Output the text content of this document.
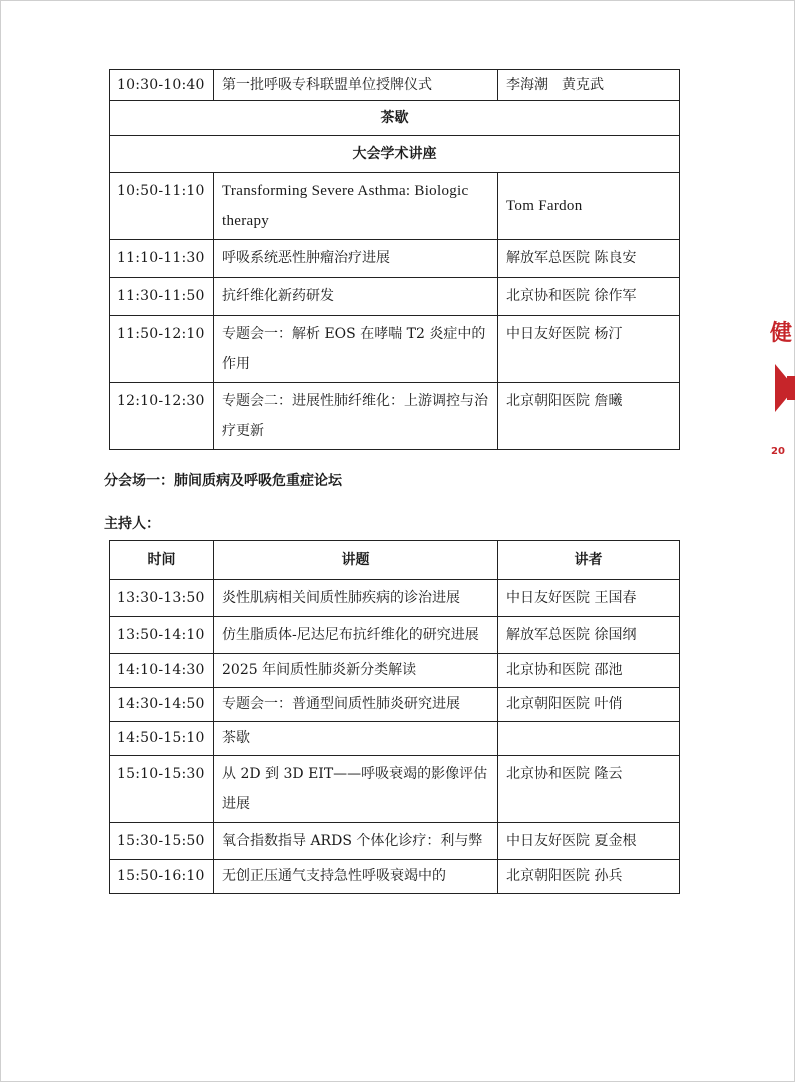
10:30-10:40	第一批呼吸专科联盟单位授牌仪式	李海潮　黄克武
茶歇		
大会学术讲座		
10:50-11:10	Transforming Severe Asthma: Biologic therapy	Tom Fardon
11:10-11:30	呼吸系统恶性肿瘤治疗进展	解放军总医院 陈良安
11:30-11:50	抗纤维化新药研发	北京协和医院 徐作军
11:50-12:10	专题会一：解析 EOS 在哮喘 T2 炎症中的作用	中日友好医院 杨汀
12:10-12:30	专题会二：进展性肺纤维化：上游调控与治疗更新	北京朝阳医院 詹曦
分会场一：肺间质病及呼吸危重症论坛
主持人：
时间	讲题	讲者
13:30-13:50	炎性肌病相关间质性肺疾病的诊治进展	中日友好医院 王国春
13:50-14:10	仿生脂质体-尼达尼布抗纤维化的研究进展	解放军总医院 徐国纲
14:10-14:30	2025 年间质性肺炎新分类解读	北京协和医院 邵池
14:30-14:50	专题会一：普通型间质性肺炎研究进展	北京朝阳医院 叶俏
14:50-15:10	茶歇	
15:10-15:30	从 2D 到 3D EIT——呼吸衰竭的影像评估进展	北京协和医院 隆云
15:30-15:50	氧合指数指导 ARDS 个体化诊疗：利与弊	中日友好医院 夏金根
15:50-16:10	无创正压通气支持急性呼吸衰竭中的	北京朝阳医院 孙兵
健
20
